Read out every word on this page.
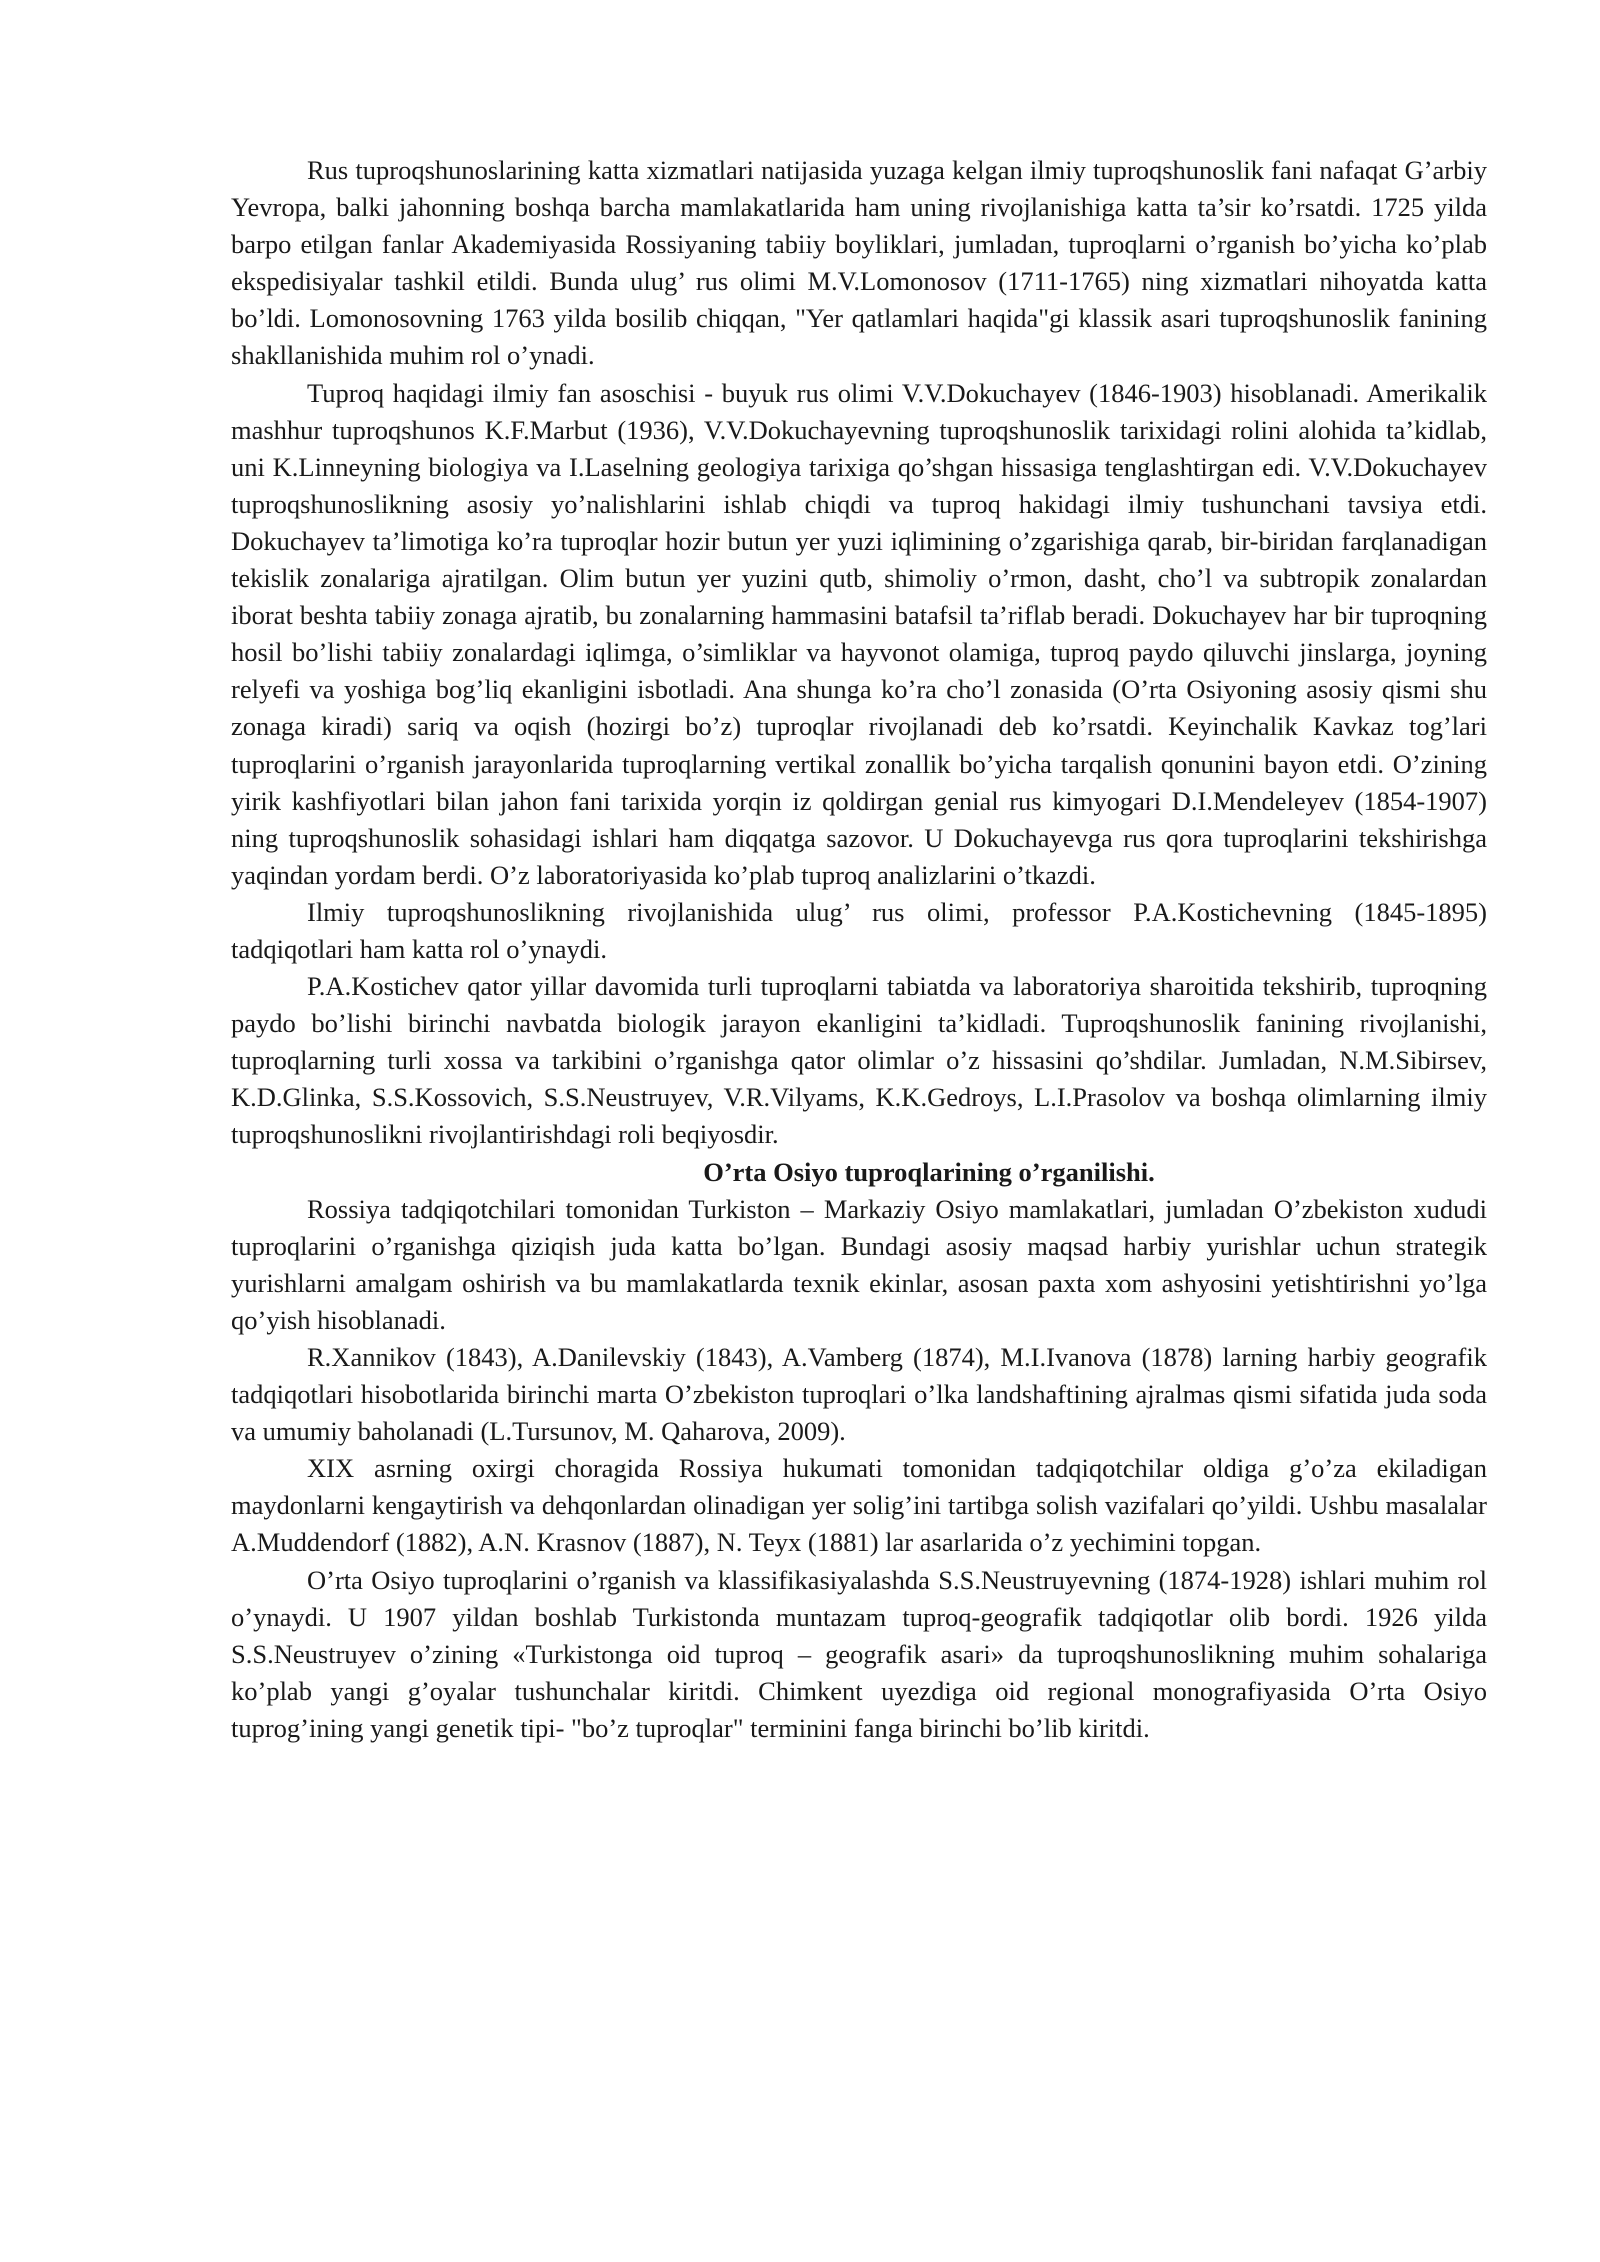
Rus tuproqshunoslarining katta xizmatlari natijasida yuzaga kelgan ilmiy tuproqshunoslik fani nafaqat G’arbiy Yevropa, balki jahonning boshqa barcha mamlakatlarida ham uning rivojlanishiga katta ta’sir ko’rsatdi. 1725 yilda barpo etilgan fanlar Akademiyasida Rossiyaning tabiiy boyliklari, jumladan, tuproqlarni o’rganish bo’yicha ko’plab ekspedisiyalar tashkil etildi. Bunda ulug’ rus olimi M.V.Lomonosov (1711-1765) ning xizmatlari nihoyatda katta bo’ldi. Lomonosovning 1763 yilda bosilib chiqqan, "Yer qatlamlari haqida"gi klassik asari tuproqshunoslik fanining shakllanishida muhim rol o’ynadi.

Tuproq haqidagi ilmiy fan asoschisi - buyuk rus olimi V.V.Dokuchayev (1846-1903) hisoblanadi. Amerikalik mashhur tuproqshunos K.F.Marbut (1936), V.V.Dokuchayevning tuproqshunoslik tarixidagi rolini alohida ta’kidlab, uni K.Linneyning biologiya va I.Laselning geologiya tarixiga qo’shgan hissasiga tenglashtirgan edi. V.V.Dokuchayev tuproqshunoslikning asosiy yo’nalishlarini ishlab chiqdi va tuproq hakidagi ilmiy tushunchani tavsiya etdi. Dokuchayev ta’limotiga ko’ra tuproqlar hozir butun yer yuzi iqlimining o’zgarishiga qarab, bir-biridan farqlanadigan tekislik zonalariga ajratilgan. Olim butun yer yuzini qutb, shimoliy o’rmon, dasht, cho’l va subtropik zonalardan iborat beshta tabiiy zonaga ajratib, bu zonalarning hammasini batafsil ta’riflab beradi. Dokuchayev har bir tuproqning hosil bo’lishi tabiiy zonalardagi iqlimga, o’simliklar va hayvonot olamiga, tuproq paydo qiluvchi jinslarga, joyning relyefi va yoshiga bog’liq ekanligini isbotladi. Ana shunga ko’ra cho’l zonasida (O’rta Osiyoning asosiy qismi shu zonaga kiradi) sariq va oqish (hozirgi bo’z) tuproqlar rivojlanadi deb ko’rsatdi. Keyinchalik Kavkaz tog’lari tuproqlarini o’rganish jarayonlarida tuproqlarning vertikal zonallik bo’yicha tarqalish qonunini bayon etdi. O’zining yirik kashfiyotlari bilan jahon fani tarixida yorqin iz qoldirgan genial rus kimyogari D.I.Mendeleyev (1854-1907) ning tuproqshunoslik sohasidagi ishlari ham diqqatga sazovor. U Dokuchayevga rus qora tuproqlarini tekshirishga yaqindan yordam berdi. O’z laboratoriyasida ko’plab tuproq analizlarini o’tkazdi.

Ilmiy tuproqshunoslikning rivojlanishida ulug’ rus olimi, professor P.A.Kostichevning (1845-1895) tadqiqotlari ham katta rol o’ynaydi.

P.A.Kostichev qator yillar davomida turli tuproqlarni tabiatda va laboratoriya sharoitida tekshirib, tuproqning paydo bo’lishi birinchi navbatda biologik jarayon ekanligini ta’kidladi. Tuproqshunoslik fanining rivojlanishi, tuproqlarning turli xossa va tarkibini o’rganishga qator olimlar o’z hissasini qo’shdilar. Jumladan, N.M.Sibirsev, K.D.Glinka, S.S.Kossovich, S.S.Neustruyev, V.R.Vilyams, K.K.Gedroys, L.I.Prasolov va boshqa olimlarning ilmiy tuproqshunoslikni rivojlantirishdagi roli beqiyosdir.

O’rta Osiyo tuproqlarining o’rganilishi.

Rossiya tadqiqotchilari tomonidan Turkiston – Markaziy Osiyo mamlakatlari, jumladan O’zbekiston xududi tuproqlarini o’rganishga qiziqish juda katta bo’lgan. Bundagi asosiy maqsad harbiy yurishlar uchun strategik yurishlarni amalgam oshirish va bu mamlakatlarda texnik ekinlar, asosan paxta xom ashyosini yetishtirishni yo’lga qo’yish hisoblanadi.

R.Xannikov (1843), A.Danilevskiy (1843), A.Vamberg (1874), M.I.Ivanova (1878) larning harbiy geografik tadqiqotlari hisobotlarida birinchi marta O’zbekiston tuproqlari o’lka landshaftining ajralmas qismi sifatida juda soda va umumiy baholanadi (L.Tursunov, M. Qaharova, 2009).

XIX asrning oxirgi choragida Rossiya hukumati tomonidan tadqiqotchilar oldiga g’o’za ekiladigan maydonlarni kengaytirish va dehqonlardan olinadigan yer solig’ini tartibga solish vazifalari qo’yildi. Ushbu masalalar A.Muddendorf (1882), A.N. Krasnov (1887), N. Teyx (1881) lar asarlarida o’z yechimini topgan.

O’rta Osiyo tuproqlarini o’rganish va klassifikasiyalashda S.S.Neustruyevning (1874-1928) ishlari muhim rol o’ynaydi. U 1907 yildan boshlab Turkistonda muntazam tuproq-geografik tadqiqotlar olib bordi. 1926 yilda S.S.Neustruyev o’zining «Turkistonga oid tuproq – geografik asari» da tuproqshunoslikning muhim sohalariga ko’plab yangi g’oyalar tushunchalar kiritdi. Chimkent uyezdiga oid regional monografiyasida O’rta Osiyo tuprog’ining yangi genetik tipi- "bo’z tuproqlar" terminini fanga birinchi bo’lib kiritdi.
